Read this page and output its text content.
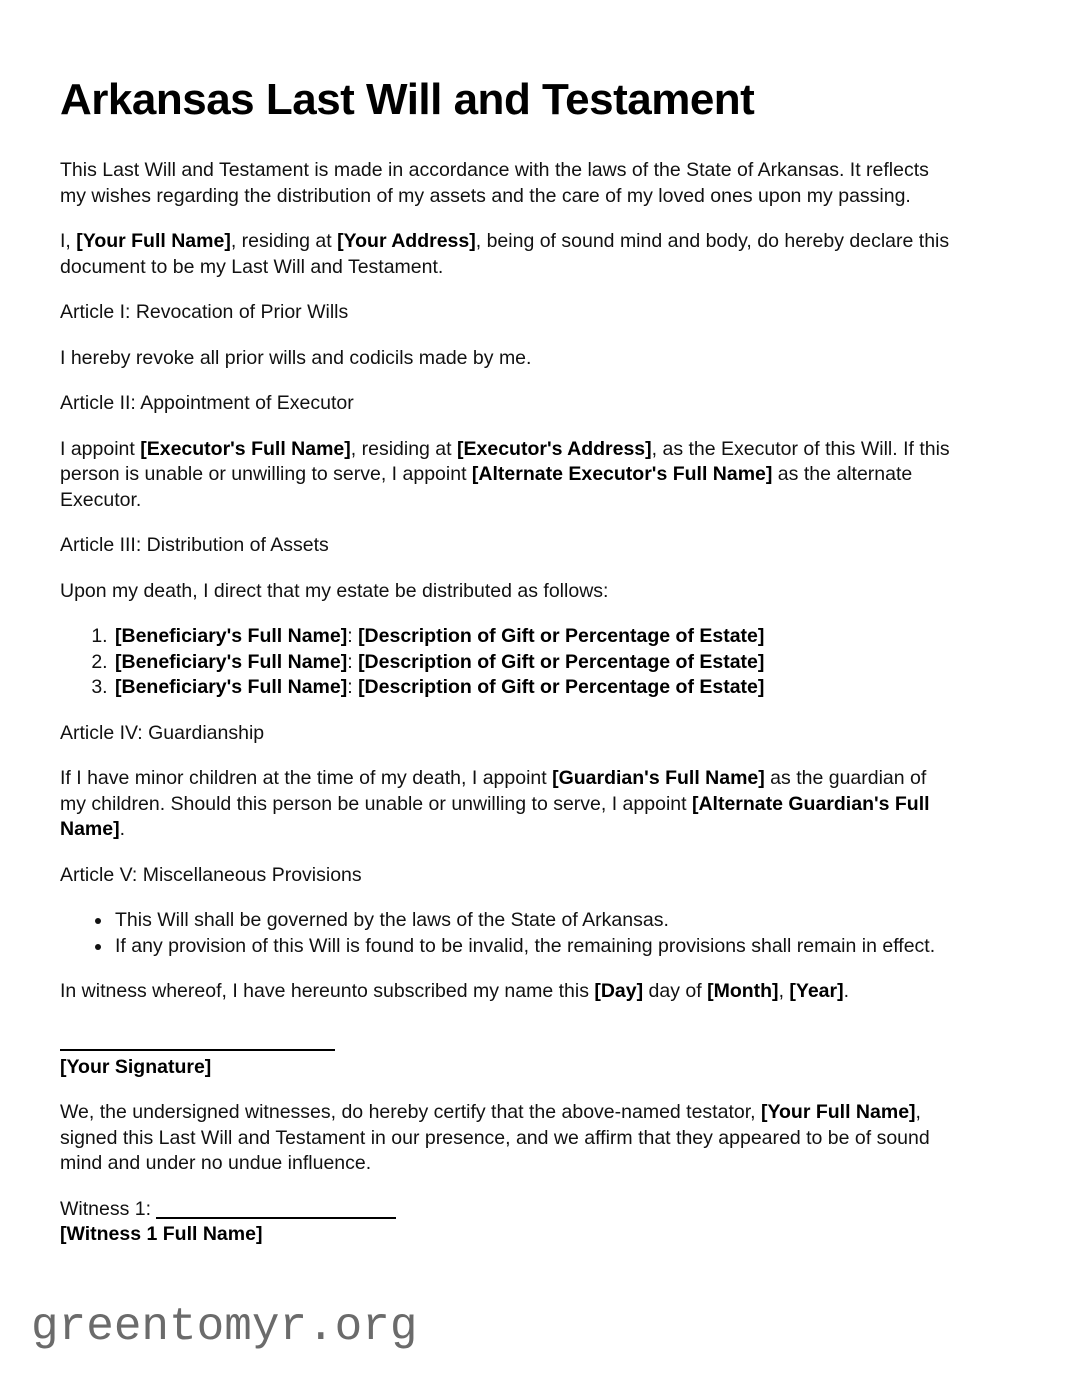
Arkansas Last Will and Testament

This Last Will and Testament is made in accordance with the laws of the State of Arkansas. It reflects my wishes regarding the distribution of my assets and the care of my loved ones upon my passing.

I, [Your Full Name], residing at [Your Address], being of sound mind and body, do hereby declare this document to be my Last Will and Testament.

Article I: Revocation of Prior Wills

I hereby revoke all prior wills and codicils made by me.

Article II: Appointment of Executor

I appoint [Executor's Full Name], residing at [Executor's Address], as the Executor of this Will. If this person is unable or unwilling to serve, I appoint [Alternate Executor's Full Name] as the alternate Executor.

Article III: Distribution of Assets

Upon my death, I direct that my estate be distributed as follows:

1. [Beneficiary's Full Name]: [Description of Gift or Percentage of Estate]
2. [Beneficiary's Full Name]: [Description of Gift or Percentage of Estate]
3. [Beneficiary's Full Name]: [Description of Gift or Percentage of Estate]

Article IV: Guardianship

If I have minor children at the time of my death, I appoint [Guardian's Full Name] as the guardian of my children. Should this person be unable or unwilling to serve, I appoint [Alternate Guardian's Full Name].

Article V: Miscellaneous Provisions

• This Will shall be governed by the laws of the State of Arkansas.
• If any provision of this Will is found to be invalid, the remaining provisions shall remain in effect.

In witness whereof, I have hereunto subscribed my name this [Day] day of [Month], [Year].

[Your Signature]

We, the undersigned witnesses, do hereby certify that the above-named testator, [Your Full Name], signed this Last Will and Testament in our presence, and we affirm that they appeared to be of sound mind and under no undue influence.

Witness 1:
[Witness 1 Full Name]

greentomyr.org
